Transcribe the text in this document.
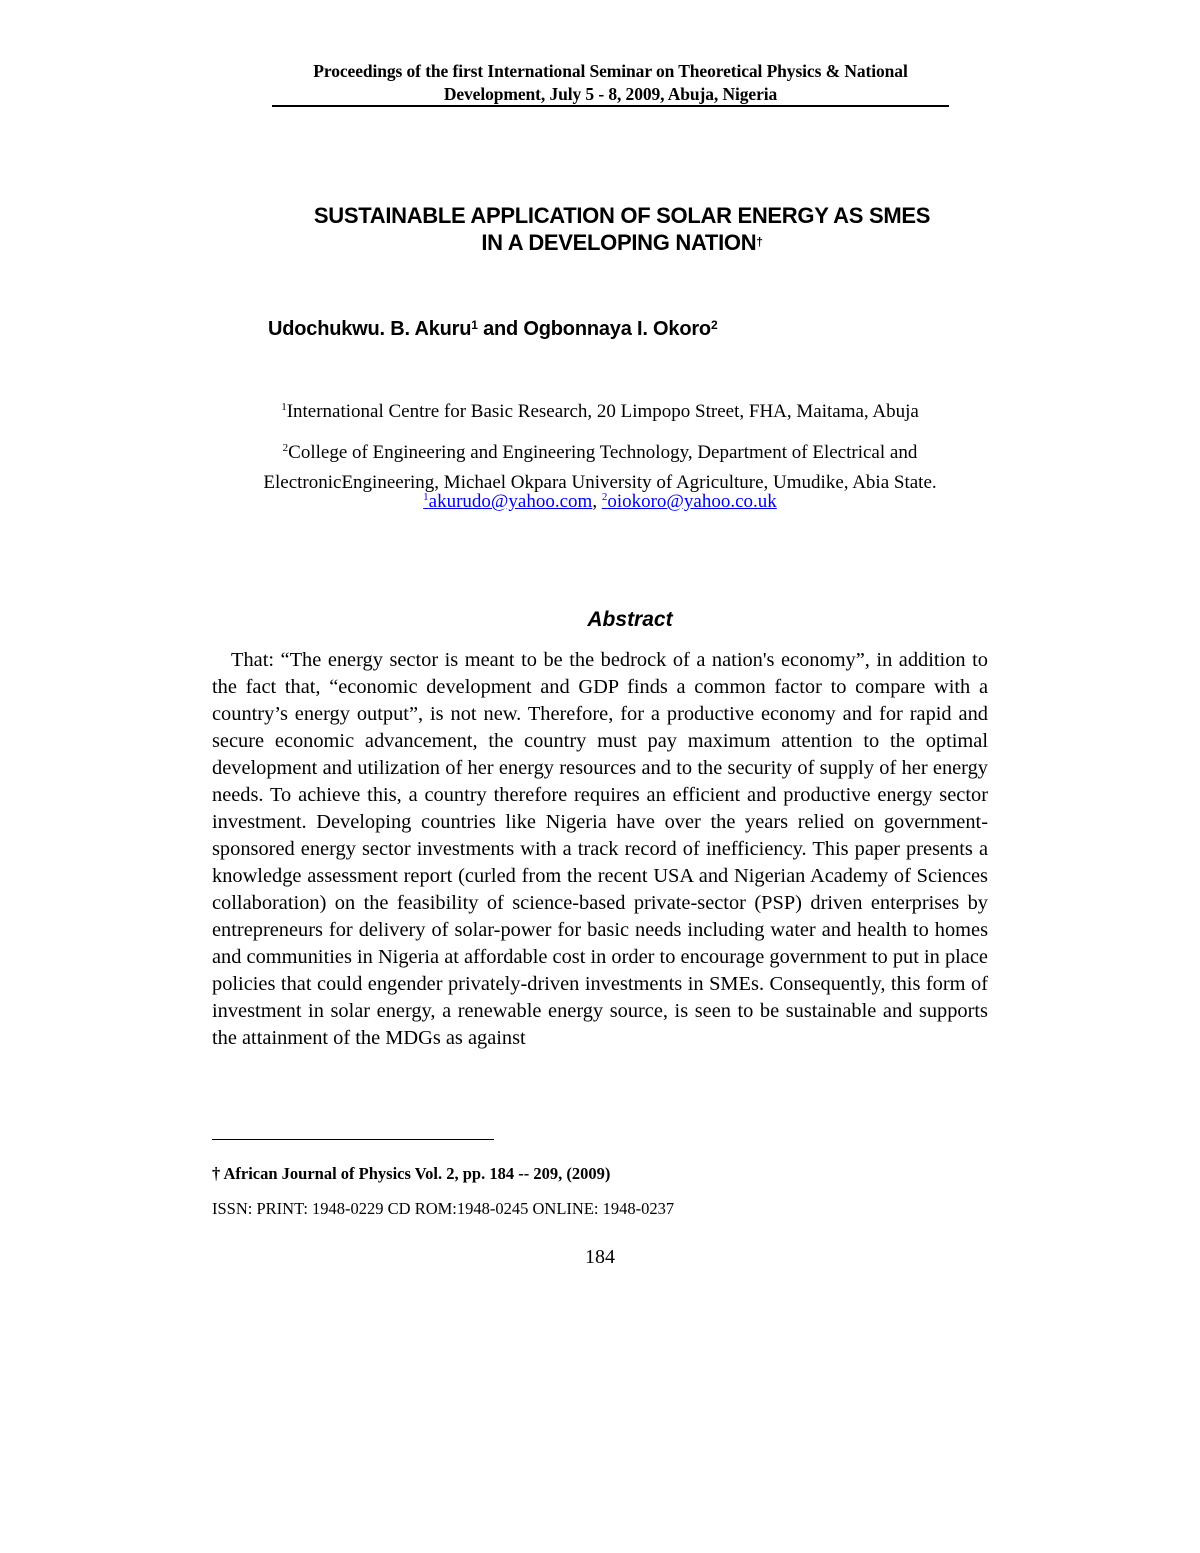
Proceedings of the first International Seminar on Theoretical Physics & National
Development, July 5 - 8, 2009, Abuja, Nigeria
SUSTAINABLE APPLICATION OF SOLAR ENERGY AS SMES
IN A DEVELOPING NATION†
Udochukwu. B. Akuru$^1$ and Ogbonnaya I. Okoro$^2$
$^1$International Centre for Basic Research, 20 Limpopo Street, FHA, Maitama, Abuja
$^2$College of Engineering and Engineering Technology, Department of Electrical and
ElectronicEngineering, Michael Okpara University of Agriculture, Umudike, Abia State.
$^1$akurudo@yahoo.com, $^2$oiokoro@yahoo.co.uk
Abstract

That: “The energy sector is meant to be the bedrock of a nation's economy”, in addition to the fact that, “economic development and GDP finds a common factor to compare with a country’s energy output”, is not new. Therefore, for a productive economy and for rapid and secure economic advancement, the country must pay maximum attention to the optimal development and utilization of her energy resources and to the security of supply of her energy needs. To achieve this, a country therefore requires an efficient and productive energy sector investment. Developing countries like Nigeria have over the years relied on government-sponsored energy sector investments with a track record of inefficiency. This paper presents a knowledge assessment report (curled from the recent USA and Nigerian Academy of Sciences collaboration) on the feasibility of science-based private-sector (PSP) driven enterprises by entrepreneurs for delivery of solar-power for basic needs including water and health to homes and communities in Nigeria at affordable cost in order to encourage government to put in place policies that could engender privately-driven investments in SMEs. Consequently, this form of investment in solar energy, a renewable energy source, is seen to be sustainable and supports the attainment of the MDGs as against

† African Journal of Physics Vol. 2, pp. 184 -- 209, (2009)
ISSN: PRINT: 1948-0229 CD ROM:1948-0245 ONLINE: 1948-0237
184
